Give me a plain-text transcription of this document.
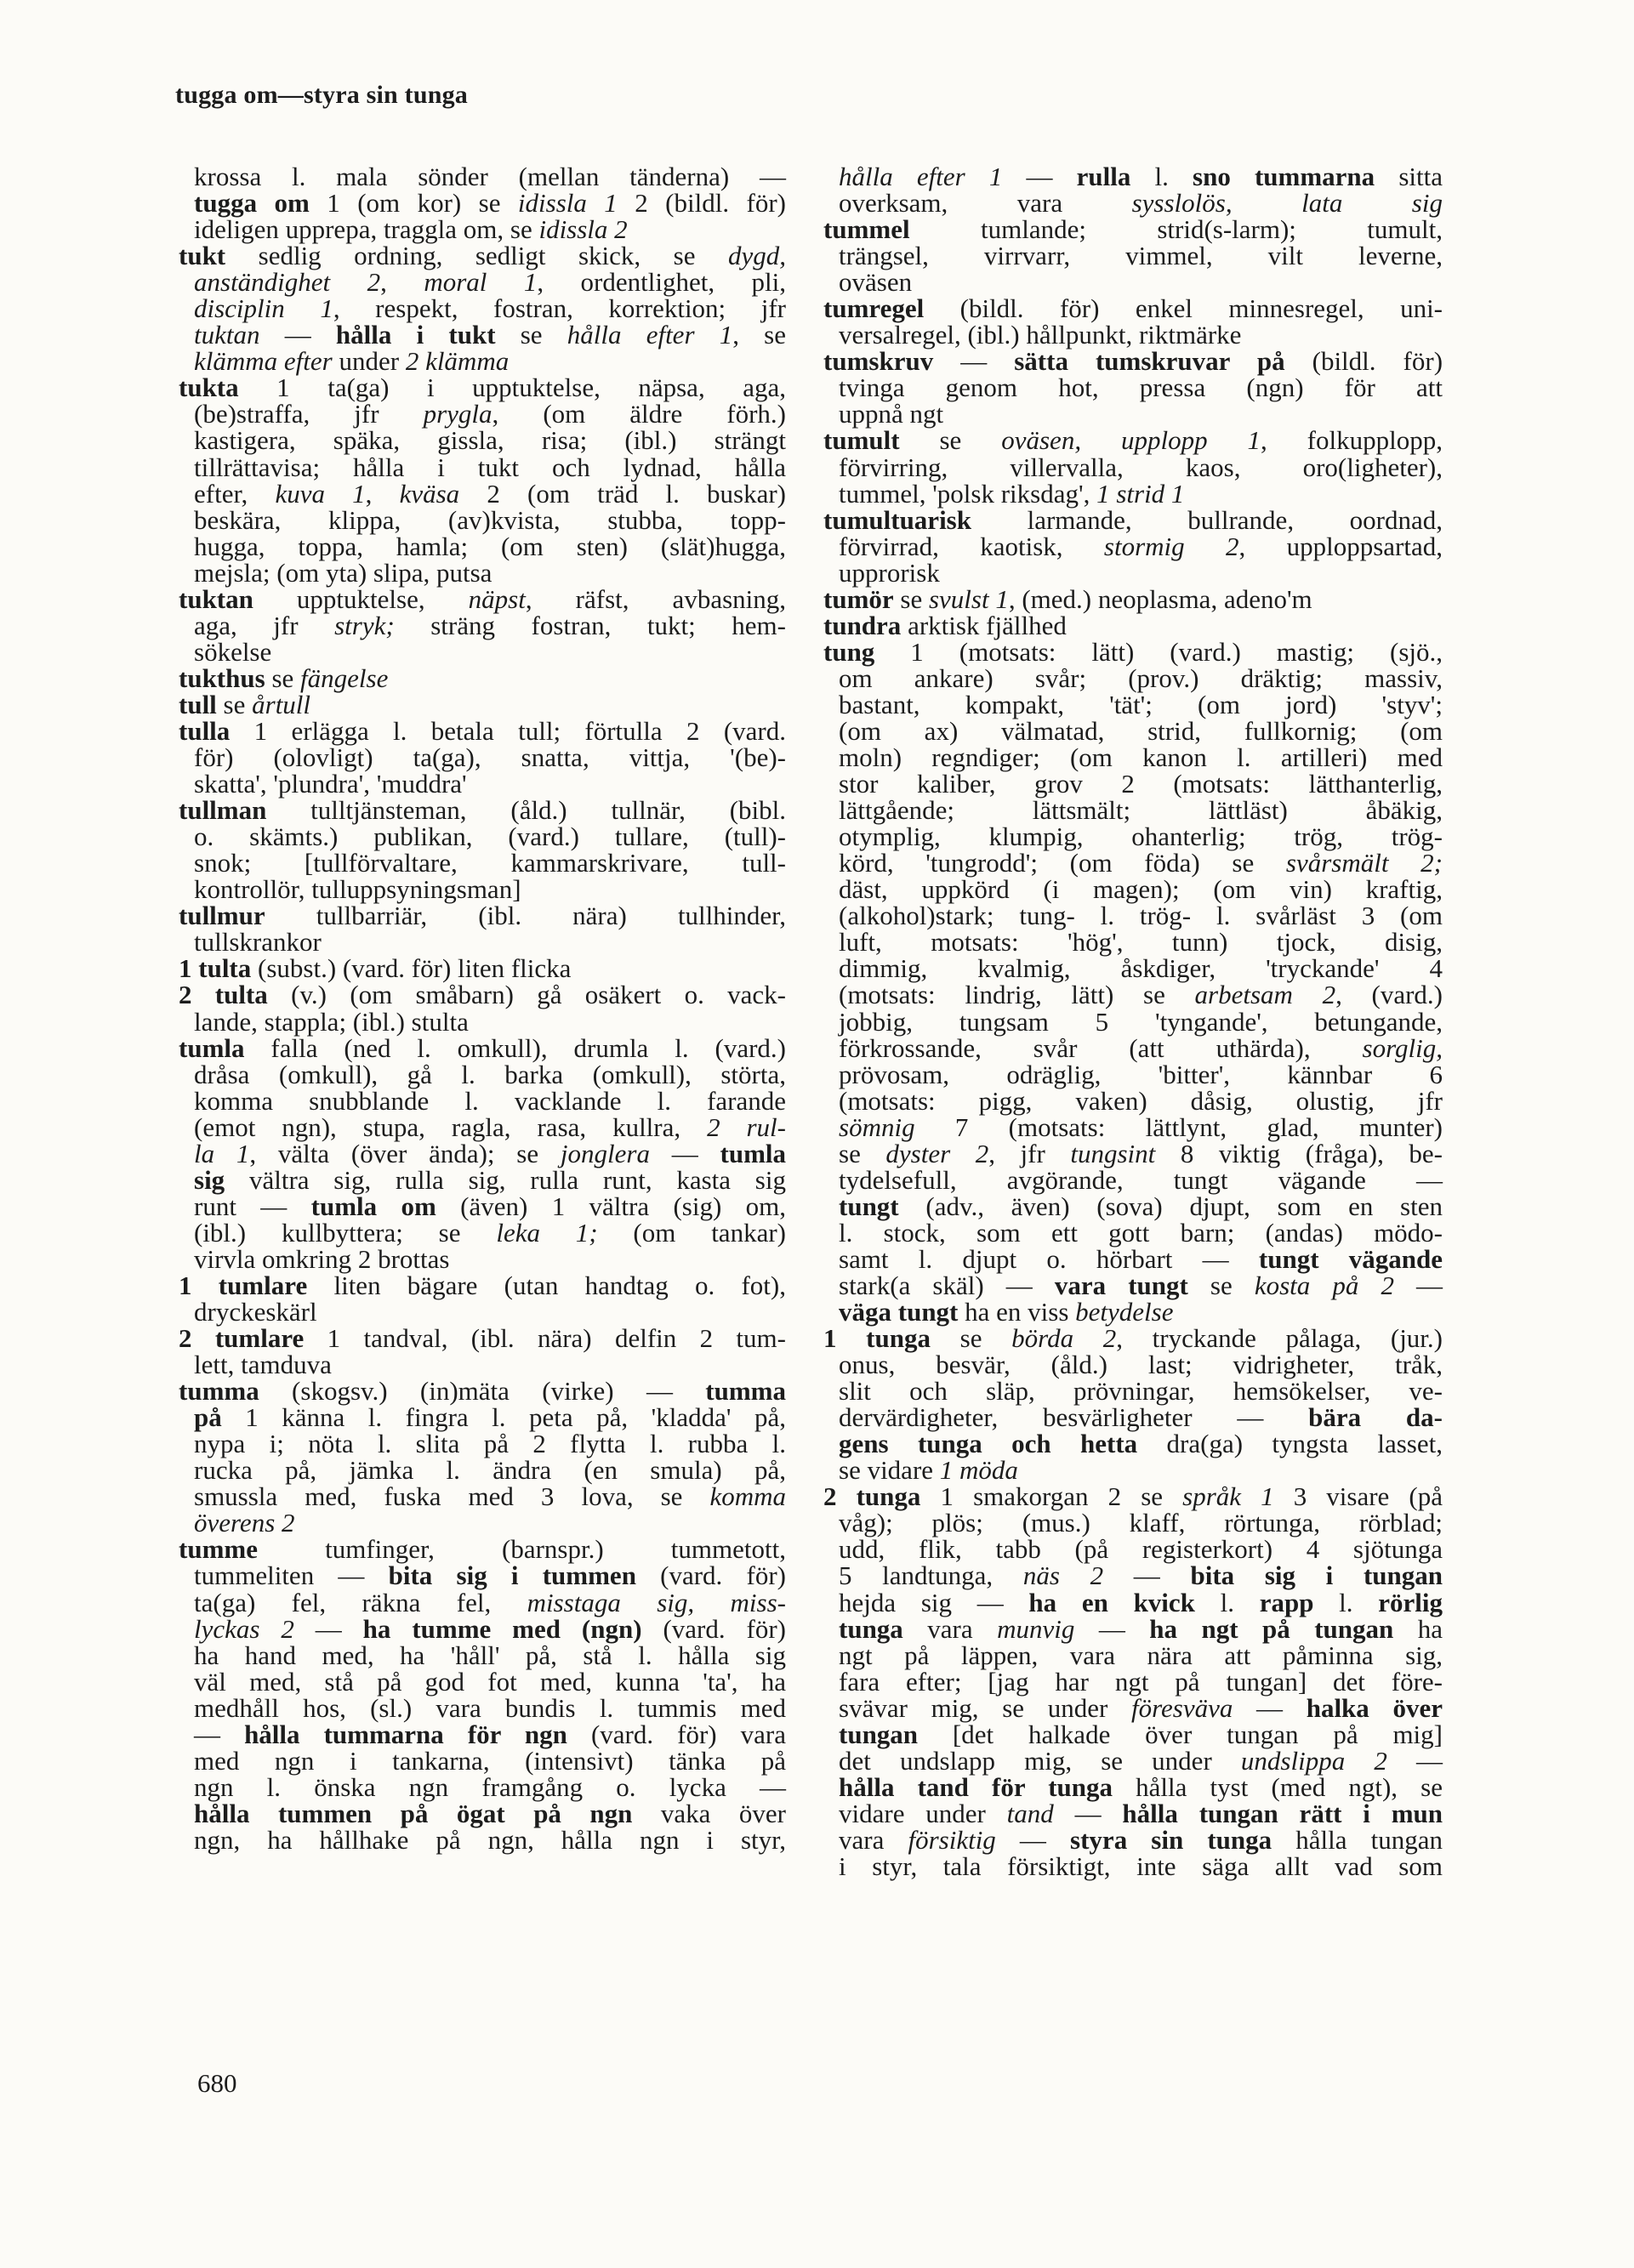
tugga om—styra sin tunga
krossa l. mala sönder (mellan tänderna) —
tugga om 1 (om kor) se idissla 1 2 (bildl. för)
ideligen upprepa, traggla om, se idissla 2
tukt sedlig ordning, sedligt skick, se dygd,
anständighet 2, moral 1, ordentlighet, pli,
disciplin 1, respekt, fostran, korrektion; jfr
tuktan — hålla i tukt se hålla efter 1, se
klämma efter under 2 klämma
tukta 1 ta(ga) i upptuktelse, näpsa, aga,
(be)straffa, jfr prygla, (om äldre förh.)
kastigera, späka, gissla, risa; (ibl.) strängt
tillrättavisa; hålla i tukt och lydnad, hålla
efter, kuva 1, kväsa 2 (om träd l. buskar)
beskära, klippa, (av)kvista, stubba, topp-
hugga, toppa, hamla; (om sten) (slät)hugga,
mejsla; (om yta) slipa, putsa
tuktan upptuktelse, näpst, räfst, avbasning,
aga, jfr stryk; sträng fostran, tukt; hem-
sökelse
tukthus se fängelse
tull se årtull
tulla 1 erlägga l. betala tull; förtulla 2 (vard.
för) (olovligt) ta(ga), snatta, vittja, '(be)-
skatta', 'plundra', 'muddra'
tullman tulltjänsteman, (åld.) tullnär, (bibl.
o. skämts.) publikan, (vard.) tullare, (tull)-
snok; [tullförvaltare, kammarskrivare, tull-
kontrollör, tulluppsyningsman]
tullmur tullbarriär, (ibl. nära) tullhinder,
tullskrankor
1 tulta (subst.) (vard. för) liten flicka
2 tulta (v.) (om småbarn) gå osäkert o. vack-
lande, stappla; (ibl.) stulta
tumla falla (ned l. omkull), drumla l. (vard.)
dråsa (omkull), gå l. barka (omkull), störta,
komma snubblande l. vacklande l. farande
(emot ngn), stupa, ragla, rasa, kullra, 2 rul-
la 1, välta (över ända); se jonglera — tumla
sig vältra sig, rulla sig, rulla runt, kasta sig
runt — tumla om (även) 1 vältra (sig) om,
(ibl.) kullbyttera; se leka 1; (om tankar)
virvla omkring 2 brottas
1 tumlare liten bägare (utan handtag o. fot),
dryckeskärl
2 tumlare 1 tandval, (ibl. nära) delfin 2 tum-
lett, tamduva
tumma (skogsv.) (in)mäta (virke) — tumma
på 1 känna l. fingra l. peta på, 'kladda' på,
nypa i; nöta l. slita på 2 flytta l. rubba l.
rucka på, jämka l. ändra (en smula) på,
smussla med, fuska med 3 lova, se komma
överens 2
tumme tumfinger, (barnspr.) tummetott,
tummeliten — bita sig i tummen (vard. för)
ta(ga) fel, räkna fel, misstaga sig, miss-
lyckas 2 — ha tumme med (ngn) (vard. för)
ha hand med, ha 'håll' på, stå l. hålla sig
väl med, stå på god fot med, kunna 'ta', ha
medhåll hos, (sl.) vara bundis l. tummis med
— hålla tummarna för ngn (vard. för) vara
med ngn i tankarna, (intensivt) tänka på
ngn l. önska ngn framgång o. lycka —
hålla tummen på ögat på ngn vaka över
ngn, ha hållhake på ngn, hålla ngn i styr,
hålla efter 1 — rulla l. sno tummarna sitta
overksam, vara sysslolös, lata sig
tummel tumlande; strid(s-larm); tumult,
trängsel, virrvarr, vimmel, vilt leverne,
oväsen
tumregel (bildl. för) enkel minnesregel, uni-
versalregel, (ibl.) hållpunkt, riktmärke
tumskruv — sätta tumskruvar på (bildl. för)
tvinga genom hot, pressa (ngn) för att
uppnå ngt
tumult se oväsen, upplopp 1, folkupplopp,
förvirring, villervalla, kaos, oro(ligheter),
tummel, 'polsk riksdag', 1 strid 1
tumultuarisk larmande, bullrande, oordnad,
förvirrad, kaotisk, stormig 2, upploppsartad,
upprorisk
tumör se svulst 1, (med.) neoplasma, adeno'm
tundra arktisk fjällhed
tung 1 (motsats: lätt) (vard.) mastig; (sjö.,
om ankare) svår; (prov.) dräktig; massiv,
bastant, kompakt, 'tät'; (om jord) 'styv';
(om ax) välmatad, strid, fullkornig; (om
moln) regndiger; (om kanon l. artilleri) med
stor kaliber, grov 2 (motsats: lätthanterlig,
lättgående; lättsmält; lättläst) åbäkig,
otymplig, klumpig, ohanterlig; trög, trög-
körd, 'tungrodd'; (om föda) se svårsmält 2;
däst, uppkörd (i magen); (om vin) kraftig,
(alkohol)stark; tung- l. trög- l. svårläst 3 (om
luft, motsats: 'hög', tunn) tjock, disig,
dimmig, kvalmig, åskdiger, 'tryckande' 4
(motsats: lindrig, lätt) se arbetsam 2, (vard.)
jobbig, tungsam 5 'tyngande', betungande,
förkrossande, svår (att uthärda), sorglig,
prövosam, odräglig, 'bitter', kännbar 6
(motsats: pigg, vaken) dåsig, olustig, jfr
sömnig 7 (motsats: lättlynt, glad, munter)
se dyster 2, jfr tungsint 8 viktig (fråga), be-
tydelsefull, avgörande, tungt vägande —
tungt (adv., även) (sova) djupt, som en sten
l. stock, som ett gott barn; (andas) mödo-
samt l. djupt o. hörbart — tungt vägande
stark(a skäl) — vara tungt se kosta på 2 —
väga tungt ha en viss betydelse
1 tunga se börda 2, tryckande pålaga, (jur.)
onus, besvär, (åld.) last; vidrigheter, tråk,
slit och släp, prövningar, hemsökelser, ve-
dervärdigheter, besvärligheter — bära da-
gens tunga och hetta dra(ga) tyngsta lasset,
se vidare 1 möda
2 tunga 1 smakorgan 2 se språk 1 3 visare (på
våg); plös; (mus.) klaff, rörtunga, rörblad;
udd, flik, tabb (på registerkort) 4 sjötunga
5 landtunga, näs 2 — bita sig i tungan
hejda sig — ha en kvick l. rapp l. rörlig
tunga vara munvig — ha ngt på tungan ha
ngt på läppen, vara nära att påminna sig,
fara efter; [jag har ngt på tungan] det före-
svävar mig, se under föresväva — halka över
tungan [det halkade över tungan på mig]
det undslapp mig, se under undslippa 2 —
hålla tand för tunga hålla tyst (med ngt), se
vidare under tand — hålla tungan rätt i mun
vara försiktig — styra sin tunga hålla tungan
i styr, tala försiktigt, inte säga allt vad som

680
